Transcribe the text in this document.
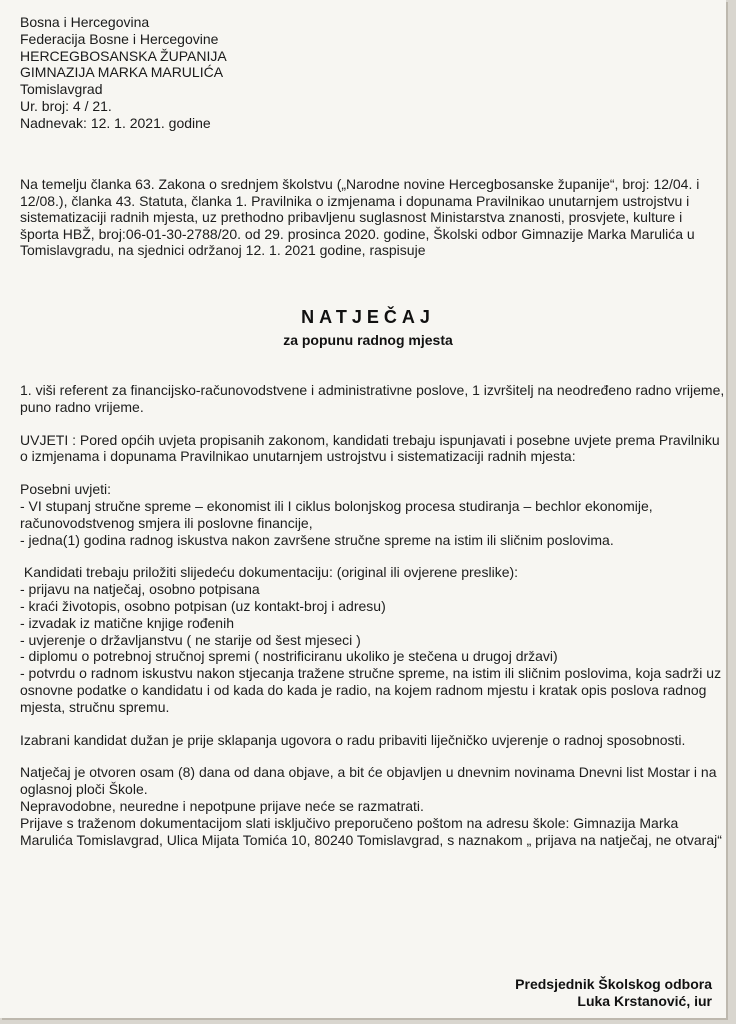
Bosna i Hercegovina
Federacija Bosne i Hercegovine
HERCEGBOSANSKA ŽUPANIJA
GIMNAZIJA MARKA MARULIĆA
Tomislavgrad
Ur. broj: 4 / 21.
Nadnevak: 12. 1. 2021. godine
Na temelju članka 63. Zakona o srednjem školstvu („Narodne novine Hercegbosanske županije“, broj: 12/04. i 12/08.), članka 43. Statuta, članka 1. Pravilnika o izmjenama i dopunama Pravilnikao unutarnjem ustrojstvu i sistematizaciji radnih mjesta, uz prethodno pribavljenu suglasnost Ministarstva znanosti, prosvjete, kulture i športa HBŽ, broj:06-01-30-2788/20. od 29. prosinca 2020. godine, Školski odbor Gimnazije Marka Marulića u Tomislavgradu, na sjednici održanoj 12. 1. 2021 godine, raspisuje
NATJEČAJ
za popunu radnog mjesta

1. viši referent za financijsko-računovodstvene i administrativne poslove, 1 izvršitelj na neodređeno radno vrijeme, puno radno vrijeme.

UVJETI : Pored općih uvjeta propisanih zakonom, kandidati trebaju ispunjavati i posebne uvjete prema Pravilniku o izmjenama i dopunama Pravilnikao unutarnjem ustrojstvu i sistematizaciji radnih mjesta:

Posebni uvjeti:

- VI stupanj stručne spreme – ekonomist ili I ciklus bolonjskog procesa studiranja – bechlor ekonomije, računovodstvenog smjera ili poslovne financije,

- jedna(1) godina radnog iskustva nakon završene stručne spreme na istim ili sličnim poslovima.

Kandidati trebaju priložiti slijedeću dokumentaciju: (original ili ovjerene preslike):

- prijavu na natječaj, osobno potpisana

- kraći životopis, osobno potpisan (uz kontakt-broj i adresu)

- izvadak iz matične knjige rođenih

- uvjerenje o državljanstvu ( ne starije od šest mjeseci )

- diplomu o potrebnoj stručnoj spremi ( nostrificiranu ukoliko je stečena u drugoj državi)

- potvrdu o radnom iskustvu nakon stjecanja tražene stručne spreme, na istim ili sličnim poslovima, koja sadrži uz osnovne podatke o kandidatu i od kada do kada je radio, na kojem radnom mjestu i kratak opis poslova radnog mjesta, stručnu spremu.

Izabrani kandidat dužan je prije sklapanja ugovora o radu pribaviti liječničko uvjerenje o radnoj sposobnosti.

Natječaj je otvoren osam (8) dana od dana objave, a bit će objavljen u dnevnim novinama Dnevni list Mostar i na oglasnoj ploči Škole.

Nepravodobne, neuredne i nepotpune prijave neće se razmatrati.

Prijave s traženom dokumentacijom slati isključivo preporučeno poštom na adresu škole: Gimnazija Marka Marulića Tomislavgrad, Ulica Mijata Tomića 10, 80240 Tomislavgrad, s naznakom „ prijava na natječaj, ne otvaraj“

Predsjednik Školskog odbora
Luka Krstanović, iur
